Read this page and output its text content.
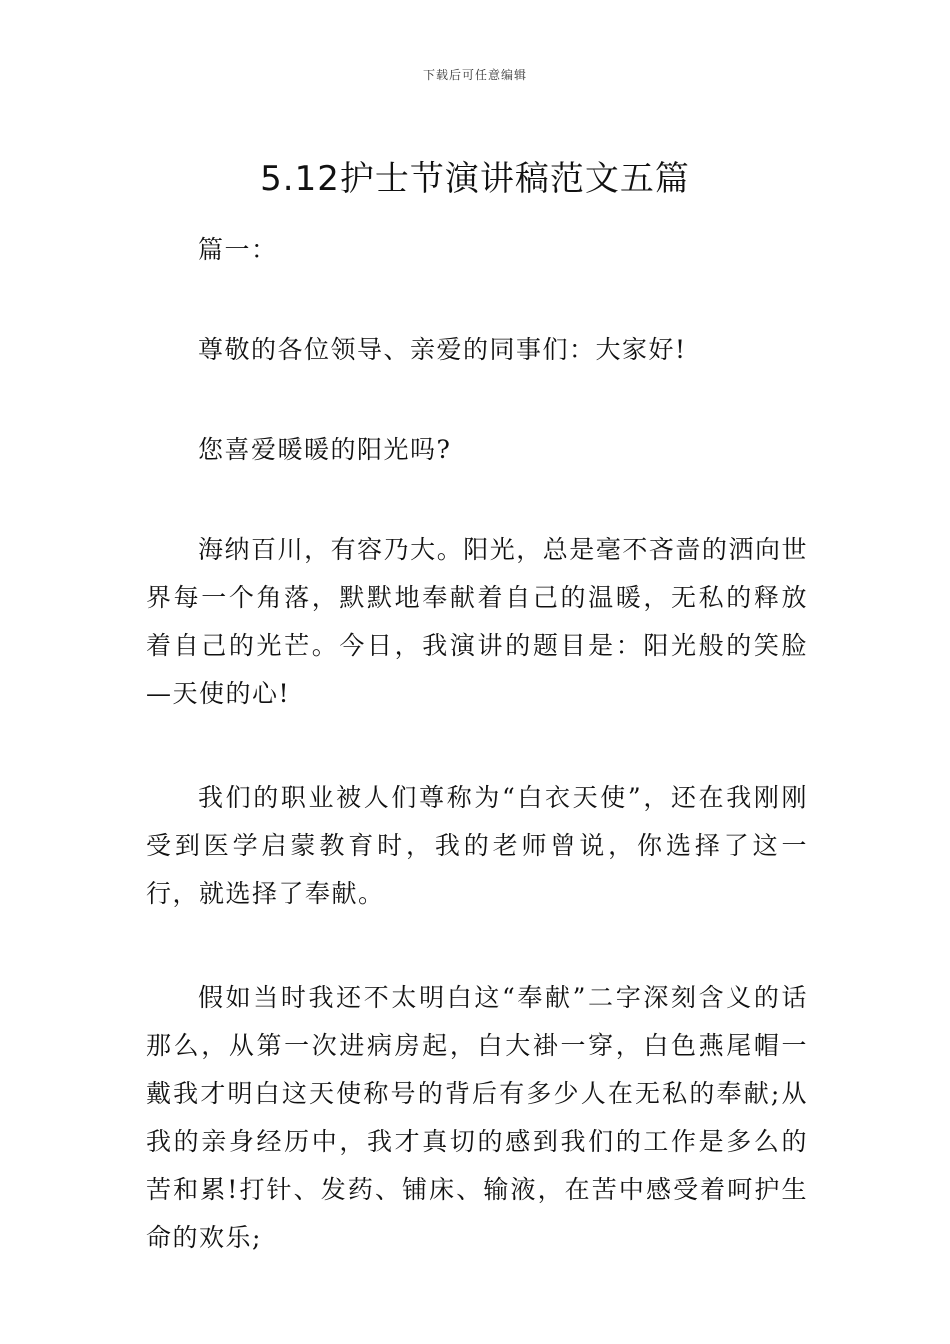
下载后可任意编辑
5.12护士节演讲稿范文五篇

篇一：

尊敬的各位领导、亲爱的同事们：大家好!

您喜爱暖暖的阳光吗?

海纳百川，有容乃大。阳光，总是毫不吝啬的洒向世界每一个角落，默默地奉献着自己的温暖，无私的释放着自己的光芒。今日，我演讲的题目是：阳光般的笑脸—天使的心!

我们的职业被人们尊称为“白衣天使”，还在我刚刚受到医学启蒙教育时，我的老师曾说，你选择了这一行，就选择了奉献。

假如当时我还不太明白这“奉献”二字深刻含义的话那么，从第一次进病房起，白大褂一穿，白色燕尾帽一戴我才明白这天使称号的背后有多少人在无私的奉献;从我的亲身经历中，我才真切的感到我们的工作是多么的苦和累!打针、发药、铺床、输液，在苦中感受着呵护生命的欢乐;
